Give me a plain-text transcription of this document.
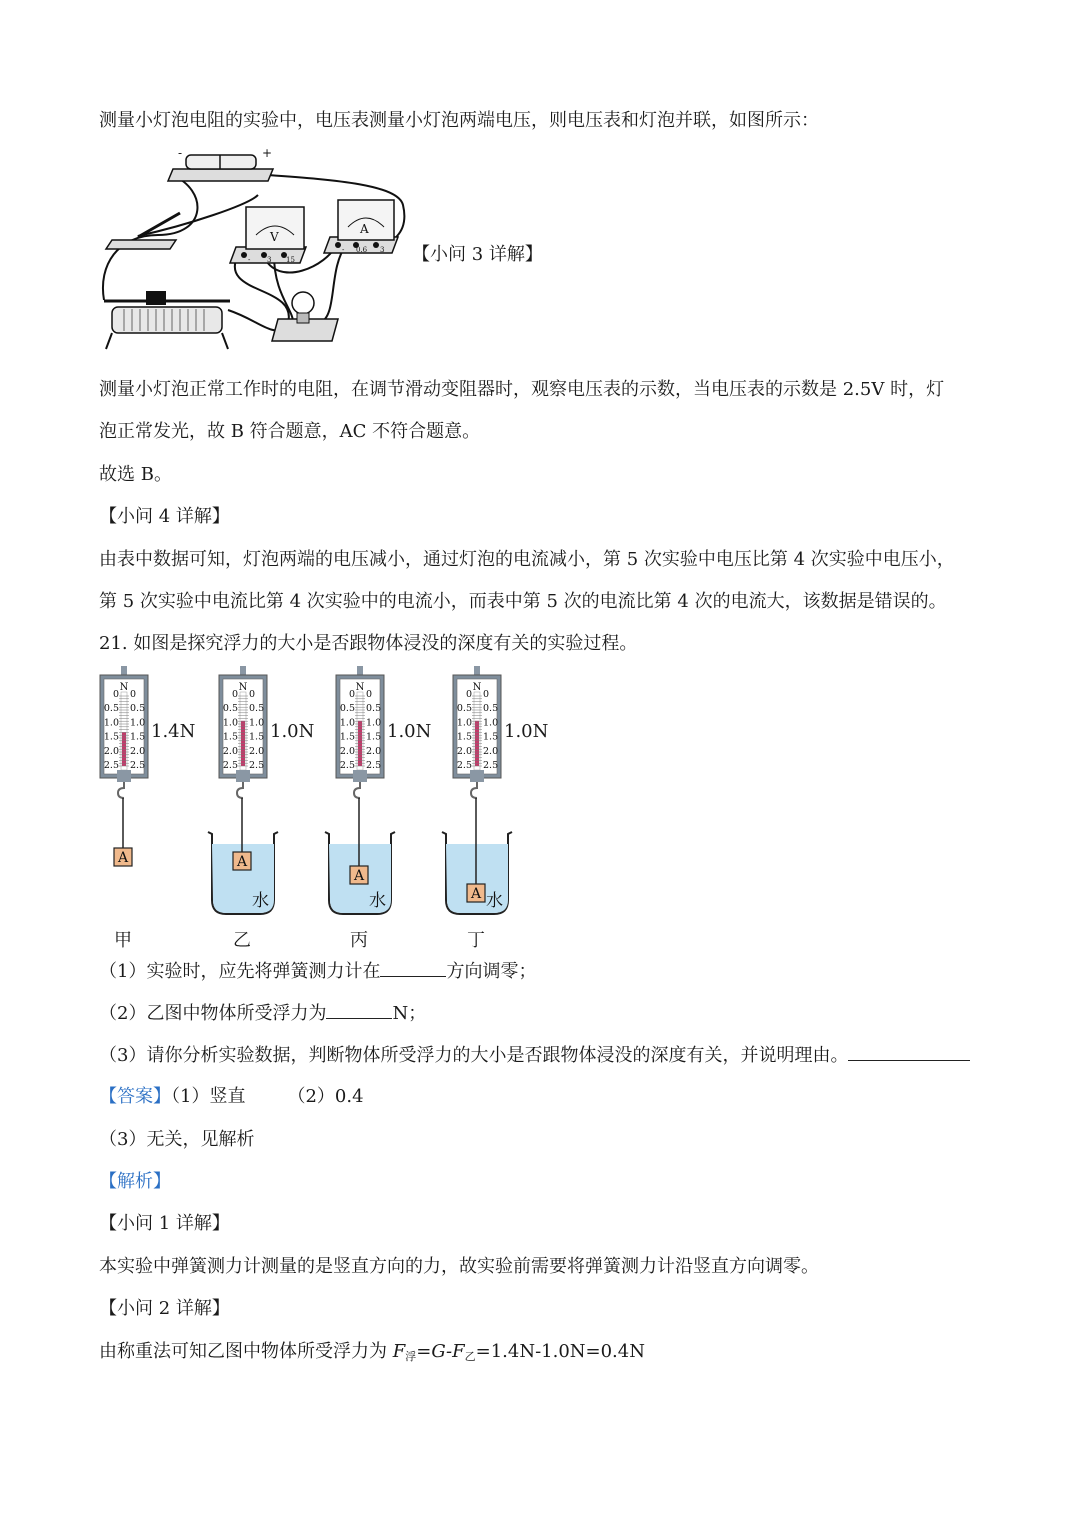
测量小灯泡电阻的实验中，电压表测量小灯泡两端电压，则电压表和灯泡并联，如图所示：
-	+
V
- 3 15
A
- 0.6 3 【小问 3 详解】
测量小灯泡正常工作时的电阻，在调节滑动变阻器时，观察电压表的示数，当电压表的示数是 2.5V 时，灯
泡正常发光，故 B 符合题意，AC 不符合题意。
故选 B。
【小问 4 详解】
由表中数据可知，灯泡两端的电压减小，通过灯泡的电流减小，第 5 次实验中电压比第 4 次实验中电压小，
第 5 次实验中电流比第 4 次实验中的电流小，而表中第 5 次的电流比第 4 次的电流大，该数据是错误的。
21. 如图是探究浮力的大小是否跟物体浸没的深度有关的实验过程。
N
0 0
0.5 0.5
1.0 1.0
1.5 1.5
2.0 2.0
2.5 2.5
1.4N
A
甲
N
0 0
0.5 0.5
1.0 1.0
1.5 1.5
2.0 2.0
2.5 2.5
1.0N
A
水
乙
N
0 0
0.5 0.5
1.0 1.0
1.5 1.5
2.0 2.0
2.5 2.5
1.0N
A
水
丙
N
0 0
0.5 0.5
1.0 1.0
1.5 1.5
2.0 2.0
2.5 2.5
1.0N
A 水
丁
（1）实验时，应先将弹簧测力计在	方向调零；
（2）乙图中物体所受浮力为	N；
（3）请你分析实验数据，判断物体所受浮力的大小是否跟物体浸没的深度有关，并说明理由。
【答案】（1）竖直 （2）0.4
（3）无关，见解析
【解析】
【小问 1 详解】
本实验中弹簧测力计测量的是竖直方向的力，故实验前需要将弹簧测力计沿竖直方向调零。
【小问 2 详解】
由称重法可知乙图中物体所受浮力为 $F_浮=G-F_乙=1.4N-1.0N=0.4N$
